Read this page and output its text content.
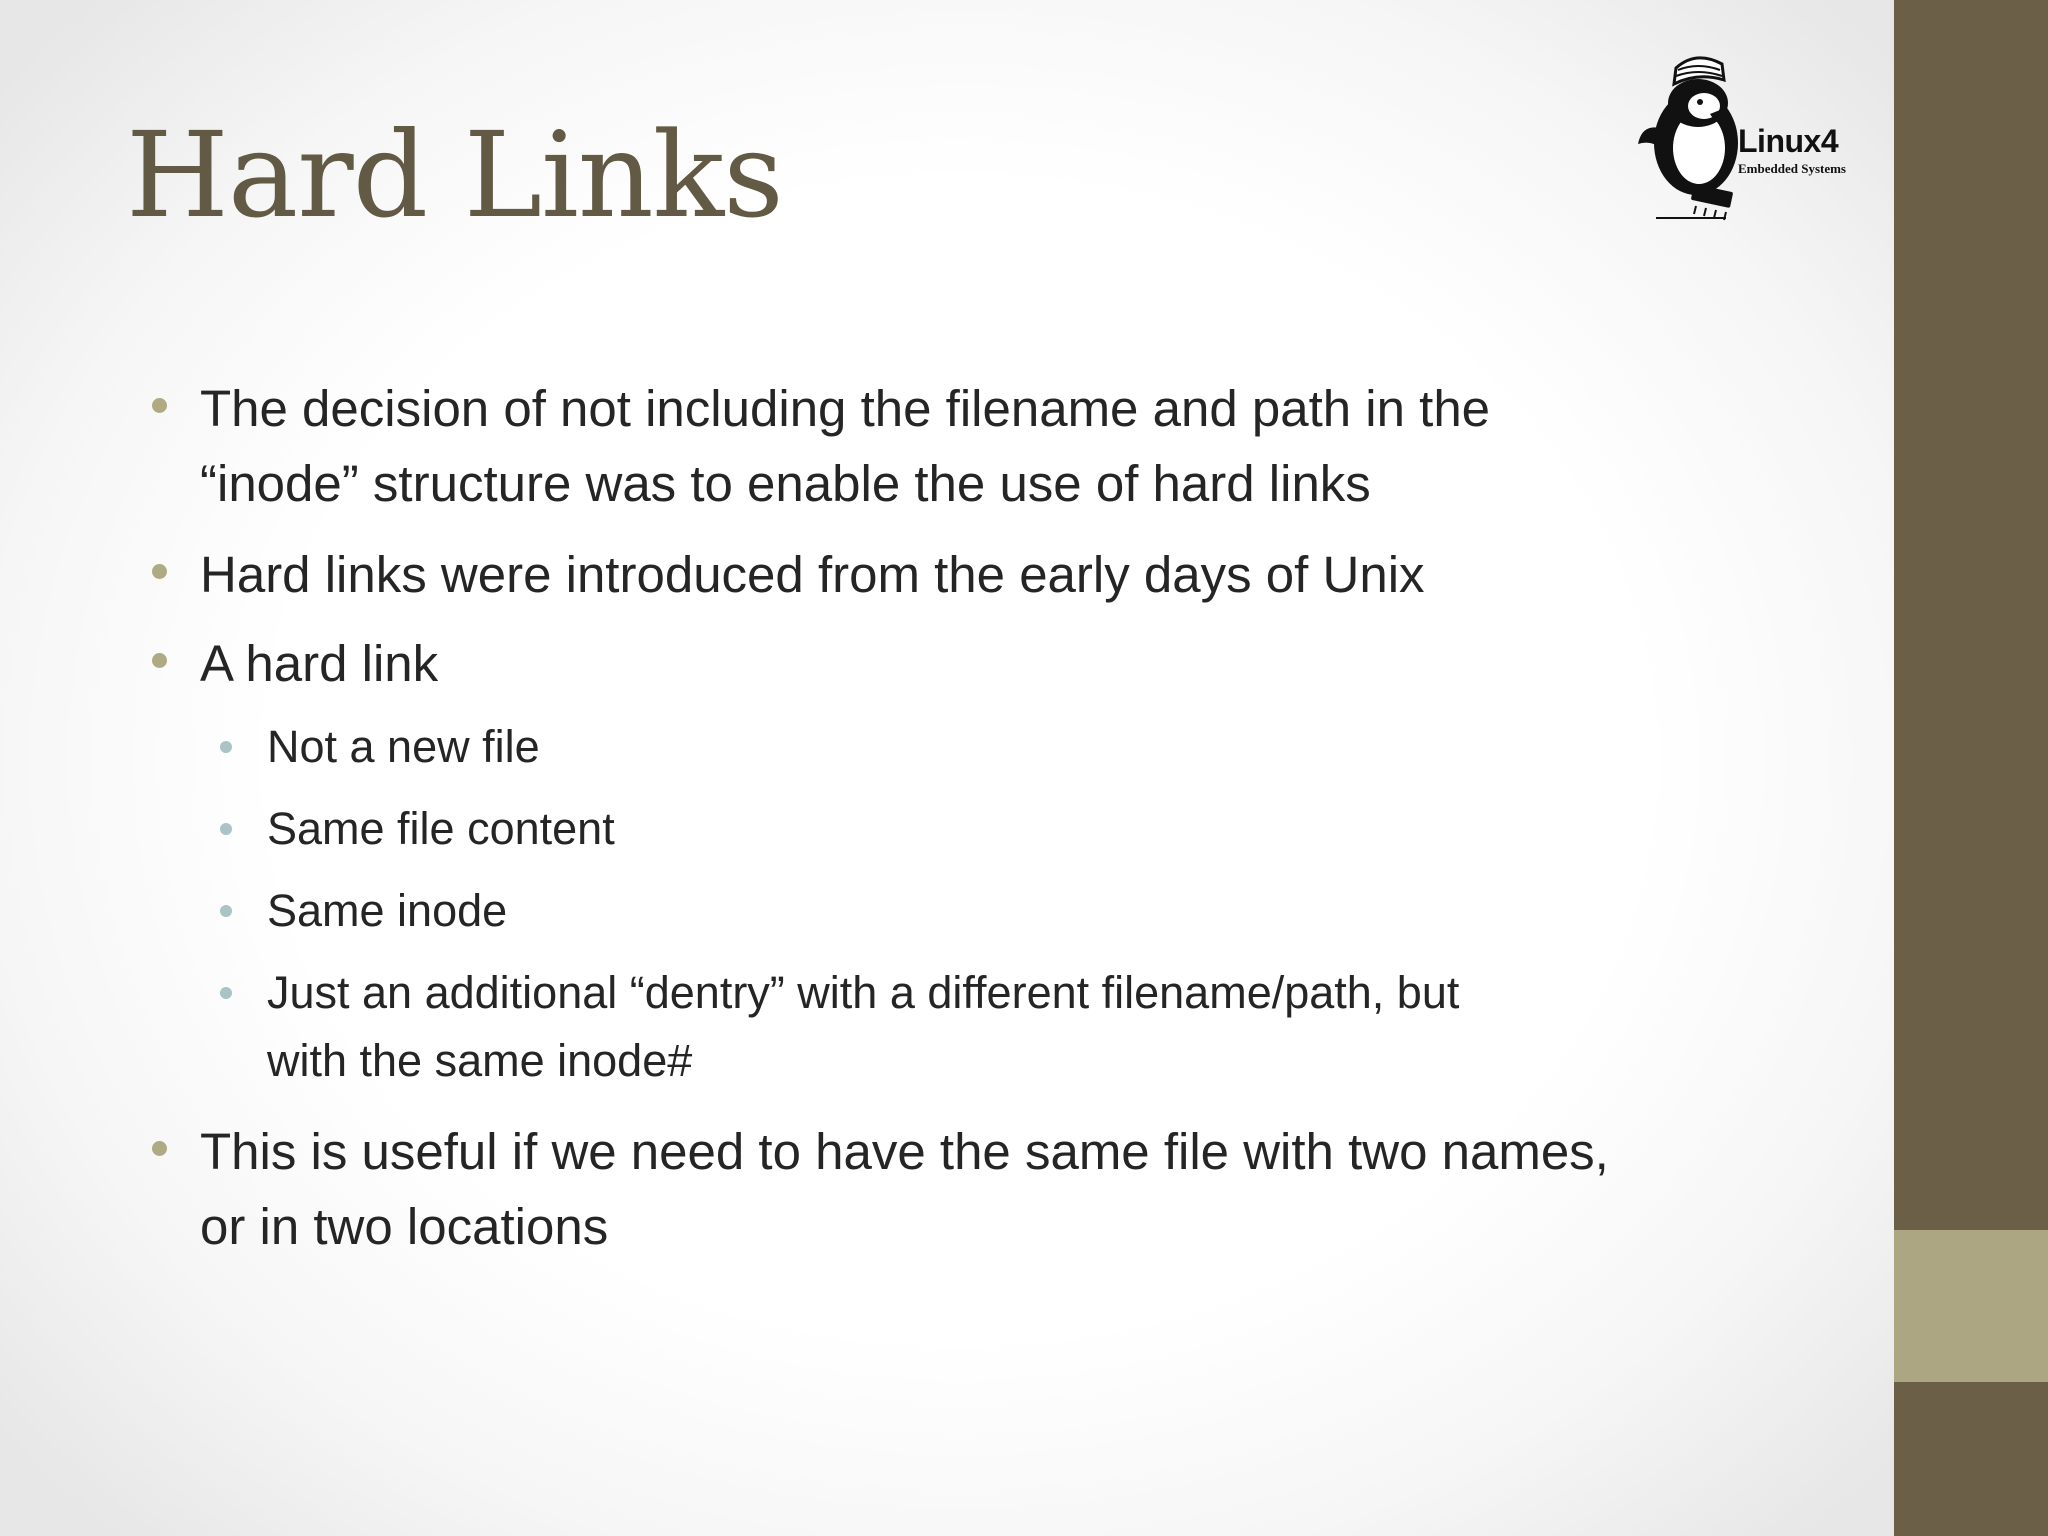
Hard Links	Linux4
Embedded Systems
The decision of not including the filename and path in the
“inode” structure was to enable the use of hard links
Hard links were introduced from the early days of Unix
A hard link
Not a new file
Same file content
Same inode
Just an additional “dentry” with a different filename/path, but
with the same inode#
This is useful if we need to have the same file with two names,
or in two locations
